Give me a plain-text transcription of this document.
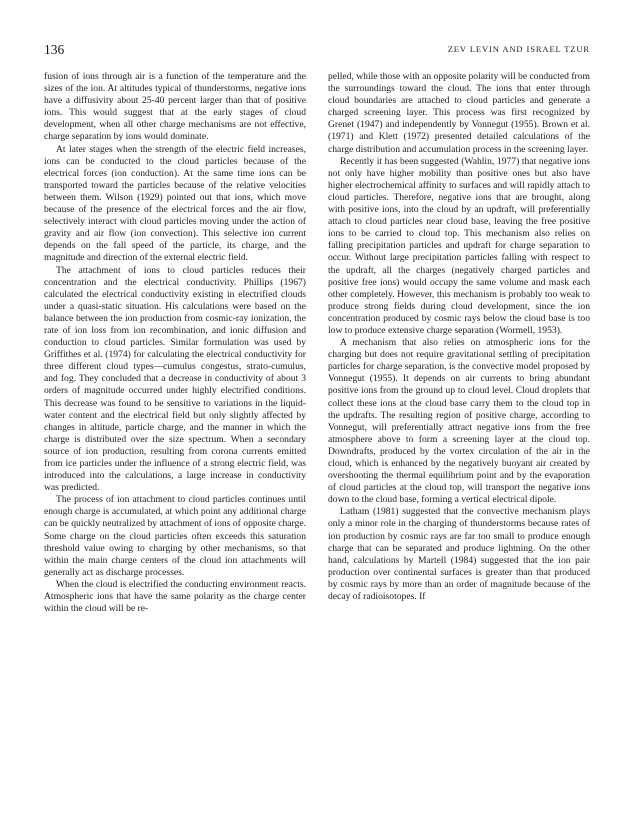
136	ZEV LEVIN AND ISRAEL TZUR

fusion of ions through air is a function of the temperature and the sizes of the ion. At altitudes typical of thunderstorms, negative ions have a diffusivity about 25-40 percent larger than that of positive ions. This would suggest that at the early stages of cloud development, when all other charge mechanisms are not effective, charge separation by ions would dominate.

At later stages when the strength of the electric field increases, ions can be conducted to the cloud particles because of the electrical forces (ion conduction). At the same time ions can be transported toward the particles because of the relative velocities between them. Wilson (1929) pointed out that ions, which move because of the presence of the electrical forces and the air flow, selectively interact with cloud particles moving under the action of gravity and air flow (ion convection). This selective ion current depends on the fall speed of the particle, its charge, and the magnitude and direction of the external electric field.

The attachment of ions to cloud particles reduces their concentration and the electrical conductivity. Phillips (1967) calculated the electrical conductivity existing in electrified clouds under a quasi-static situation. His calculations were based on the balance between the ion production from cosmic-ray ionization, the rate of ion loss from ion recombination, and ionic diffusion and conduction to cloud particles. Similar formulation was used by Griffithes et al. (1974) for calculating the electrical conductivity for three different cloud types—cumulus congestus, strato-cumulus, and fog. They concluded that a decrease in conductivity of about 3 orders of magnitude occurred under highly electrified conditions. This decrease was found to be sensitive to variations in the liquid-water content and the electrical field but only slightly affected by changes in altitude, particle charge, and the manner in which the charge is distributed over the size spectrum. When a secondary source of ion production, resulting from corona currents emitted from ice particles under the influence of a strong electric field, was introduced into the calculations, a large increase in conductivity was predicted.

The process of ion attachment to cloud particles continues until enough charge is accumulated, at which point any additional charge can be quickly neutralized by attachment of ions of opposite charge. Some charge on the cloud particles often exceeds this saturation threshold value owing to charging by other mechanisms, so that within the main charge centers of the cloud ion attachments will generally act as discharge processes.

When the cloud is electrified the conducting environment reacts. Atmospheric ions that have the same polarity as the charge center within the cloud will be re-

pelled, while those with an opposite polarity will be conducted from the surroundings toward the cloud. The ions that enter through cloud boundaries are attached to cloud particles and generate a charged screening layer. This process was first recognized by Grenet (1947) and independently by Vonnegut (1955). Brown et al. (1971) and Klett (1972) presented detailed calculations of the charge distribution and accumulation process in the screening layer.

Recently it has been suggested (Wahlin, 1977) that negative ions not only have higher mobility than positive ones but also have higher electrochemical affinity to surfaces and will rapidly attach to cloud particles. Therefore, negative ions that are brought, along with positive ions, into the cloud by an updraft, will preferentially attach to cloud particles near cloud base, leaving the free positive ions to be carried to cloud top. This mechanism also relies on falling precipitation particles and updraft for charge separation to occur. Without large precipitation particles falling with respect to the updraft, all the charges (negatively charged particles and positive free ions) would occupy the same volume and mask each other completely. However, this mechanism is probably too weak to produce strong fields during cloud development, since the ion concentration produced by cosmic rays below the cloud base is too low to produce extensive charge separation (Wormell, 1953).

A mechanism that also relies on atmospheric ions for the charging but does not require gravitational settling of precipitation particles for charge separation, is the convective model proposed by Vonnegut (1955). It depends on air currents to bring abundant positive ions from the ground up to cloud level. Cloud droplets that collect these ions at the cloud base carry them to the cloud top in the updrafts. The resulting region of positive charge, according to Vonnegut, will preferentially attract negative ions from the free atmosphere above to form a screening layer at the cloud top. Downdrafts, produced by the vortex circulation of the air in the cloud, which is enhanced by the negatively buoyant air created by overshooting the thermal equilibrium point and by the evaporation of cloud particles at the cloud top, will transport the negative ions down to the cloud base, forming a vertical electrical dipole.

Latham (1981) suggested that the convective mechanism plays only a minor role in the charging of thunderstorms because rates of ion production by cosmic rays are far too small to produce enough charge that can be separated and produce lightning. On the other hand, calculations by Martell (1984) suggested that the ion pair production over continental surfaces is greater than that produced by cosmic rays by more than an order of magnitude because of the decay of radioisotopes. If
